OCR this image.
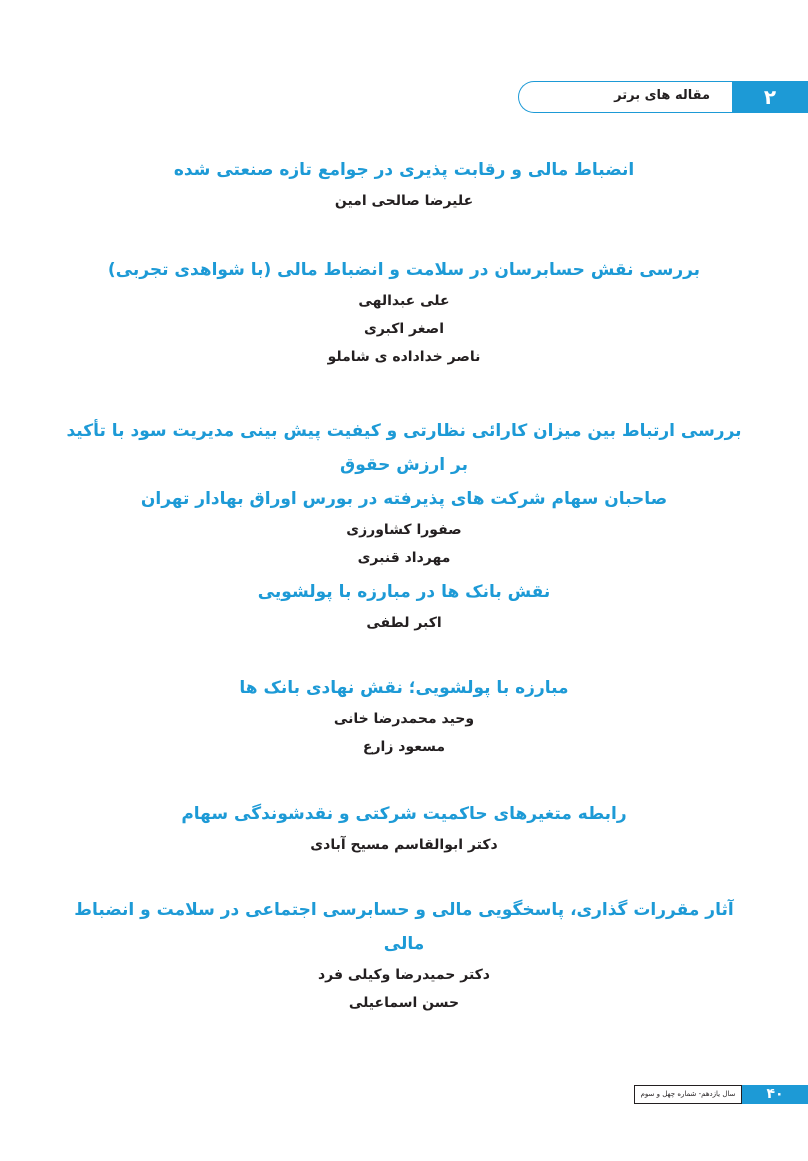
مقاله های برتر	۲

انضباط مالی و رقابت پذیری در جوامع تازه صنعتی شده

علیرضا صالحی امین

بررسی نقش حسابرسان در سلامت و انضباط مالی (با شواهدی تجربی)

علی عبدالهی

اصغر اکبری

ناصر خداداده ی شاملو

بررسی ارتباط بین میزان کارائی نظارتی و کیفیت پیش بینی مدیریت سود با تأکید بر ارزش حقوق

صاحبان سهام شرکت های پذیرفته در بورس اوراق بهادار تهران

صفورا کشاورزی

مهرداد قنبری

نقش بانک ها در مبارزه با پولشویی

اکبر لطفی

مبارزه با پولشویی؛ نقش نهادی بانک ها

وحید محمدرضا خانی

مسعود زارع

رابطه متغیرهای حاکمیت شرکتی و نقدشوندگی سهام

دکتر ابوالقاسم مسیح آبادی

آثار مقررات گذاری، پاسخگویی مالی و حسابرسی اجتماعی در سلامت و انضباط مالی

دکتر حمیدرضا وکیلی فرد

حسن اسماعیلی

سال یازدهم- شماره چهل و سوم	۴۰
